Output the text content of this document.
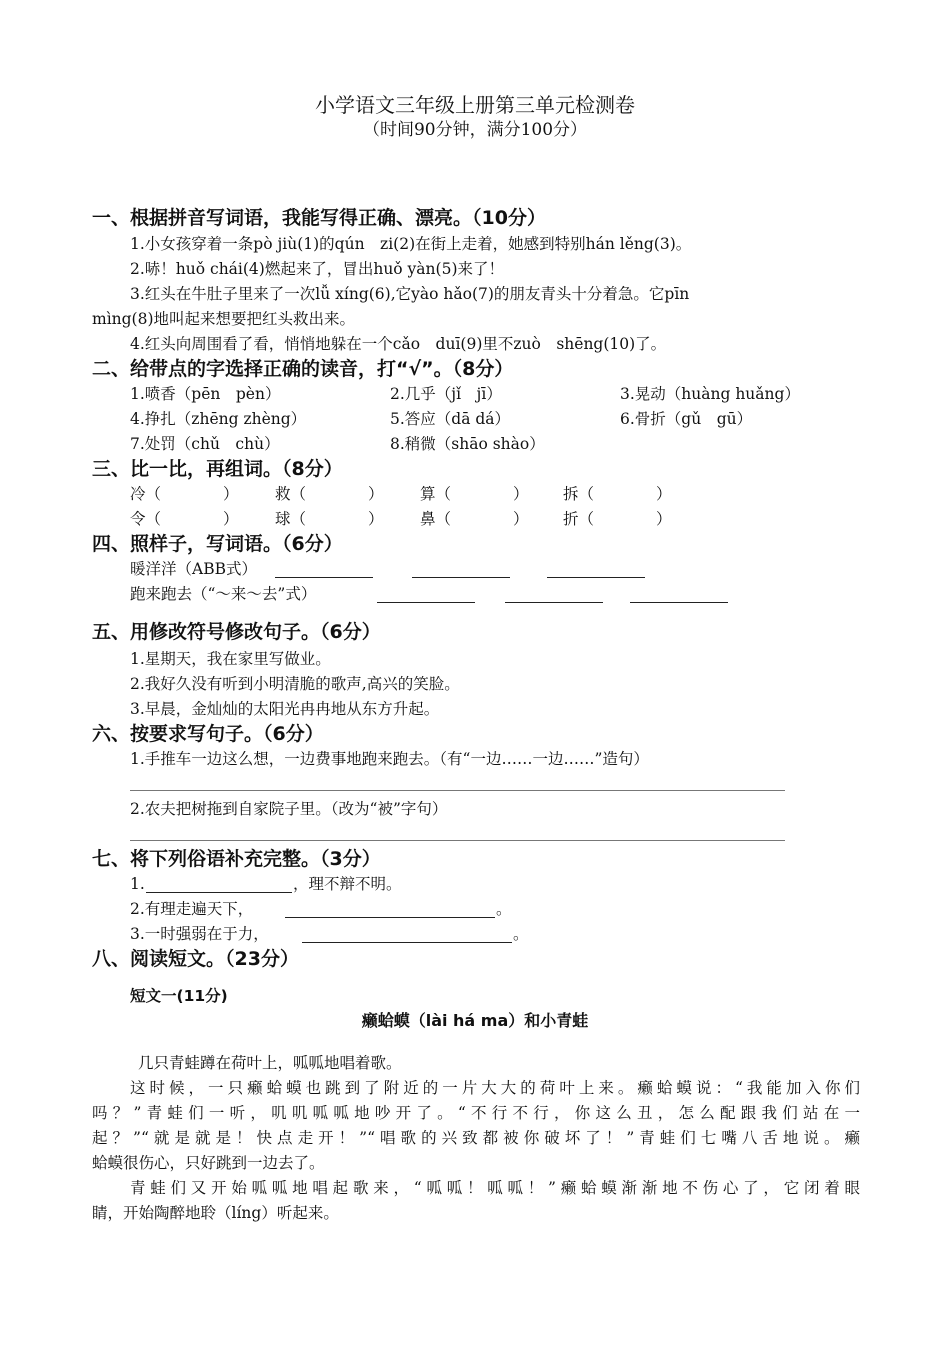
小学语文三年级上册第三单元检测卷
（时间90分钟，满分100分）
一、根据拼音写词语，我能写得正确、漂亮。（10分）
1.小女孩穿着一条pò jiù(1)的qún　zi(2)在街上走着，她感到特别hán lěng(3)。
2.哧！huǒ chái(4)燃起来了，冒出huǒ yàn(5)来了！
3.红头在牛肚子里来了一次lǚ xíng(6),它yào hǎo(7)的朋友青头十分着急。它pīn
mìng(8)地叫起来想要把红头救出来。
4.红头向周围看了看，悄悄地躲在一个cǎo　duī(9)里不zuò　shēng(10)了。
二、给带点的字选择正确的读音，打“√”。（8分）
1.喷香（pēn　pèn）	2.几乎（jǐ　jī）	3.晃动（huàng huǎng）
4.挣扎（zhēng zhèng）	5.答应（dā dá）	6.骨折（gǔ　gū）
7.处罚（chǔ　chù）	8.稍微（shāo shào）
三、比一比，再组词。（8分）
冷（　　　　） 救（　　　　） 算（　　　　） 拆（　　　　）
令（　　　　） 球（　　　　） 鼻（　　　　） 折（　　　　）
四、照样子，写词语。（6分）
暖洋洋（ABB式）
跑来跑去（“～来～去”式）
五、用修改符号修改句子。（6分）
1.星期天，我在家里写做业。
2.我好久没有听到小明清脆的歌声,高兴的笑脸。
3.早晨，金灿灿的太阳光冉冉地从东方升起。
六、按要求写句子。（6分）
1.手推车一边这么想，一边费事地跑来跑去。（有“一边……一边……”造句）
2.农夫把树拖到自家院子里。（改为“被”字句）
七、将下列俗语补充完整。（3分）
1.	，理不辩不明。
2.有理走遍天下，	。
3.一时强弱在于力，	。
八、阅读短文。（23分）
短文一(11分)
癞蛤蟆（lài há ma）和小青蛙
几只青蛙蹲在荷叶上，呱呱地唱着歌。
这时候，一只癞蛤蟆也跳到了附近的一片大大的荷叶上来。癞蛤蟆说：“我能加入你们
吗？”青蛙们一听，叽叽呱呱地吵开了。“不行不行，你这么丑，怎么配跟我们站在一
起？”“就是就是！快点走开！”“唱歌的兴致都被你破坏了！”青蛙们七嘴八舌地说。癞
蛤蟆很伤心，只好跳到一边去了。
青蛙们又开始呱呱地唱起歌来，“呱呱！呱呱！”癞蛤蟆渐渐地不伤心了，它闭着眼
睛，开始陶醉地聆（líng）听起来。
